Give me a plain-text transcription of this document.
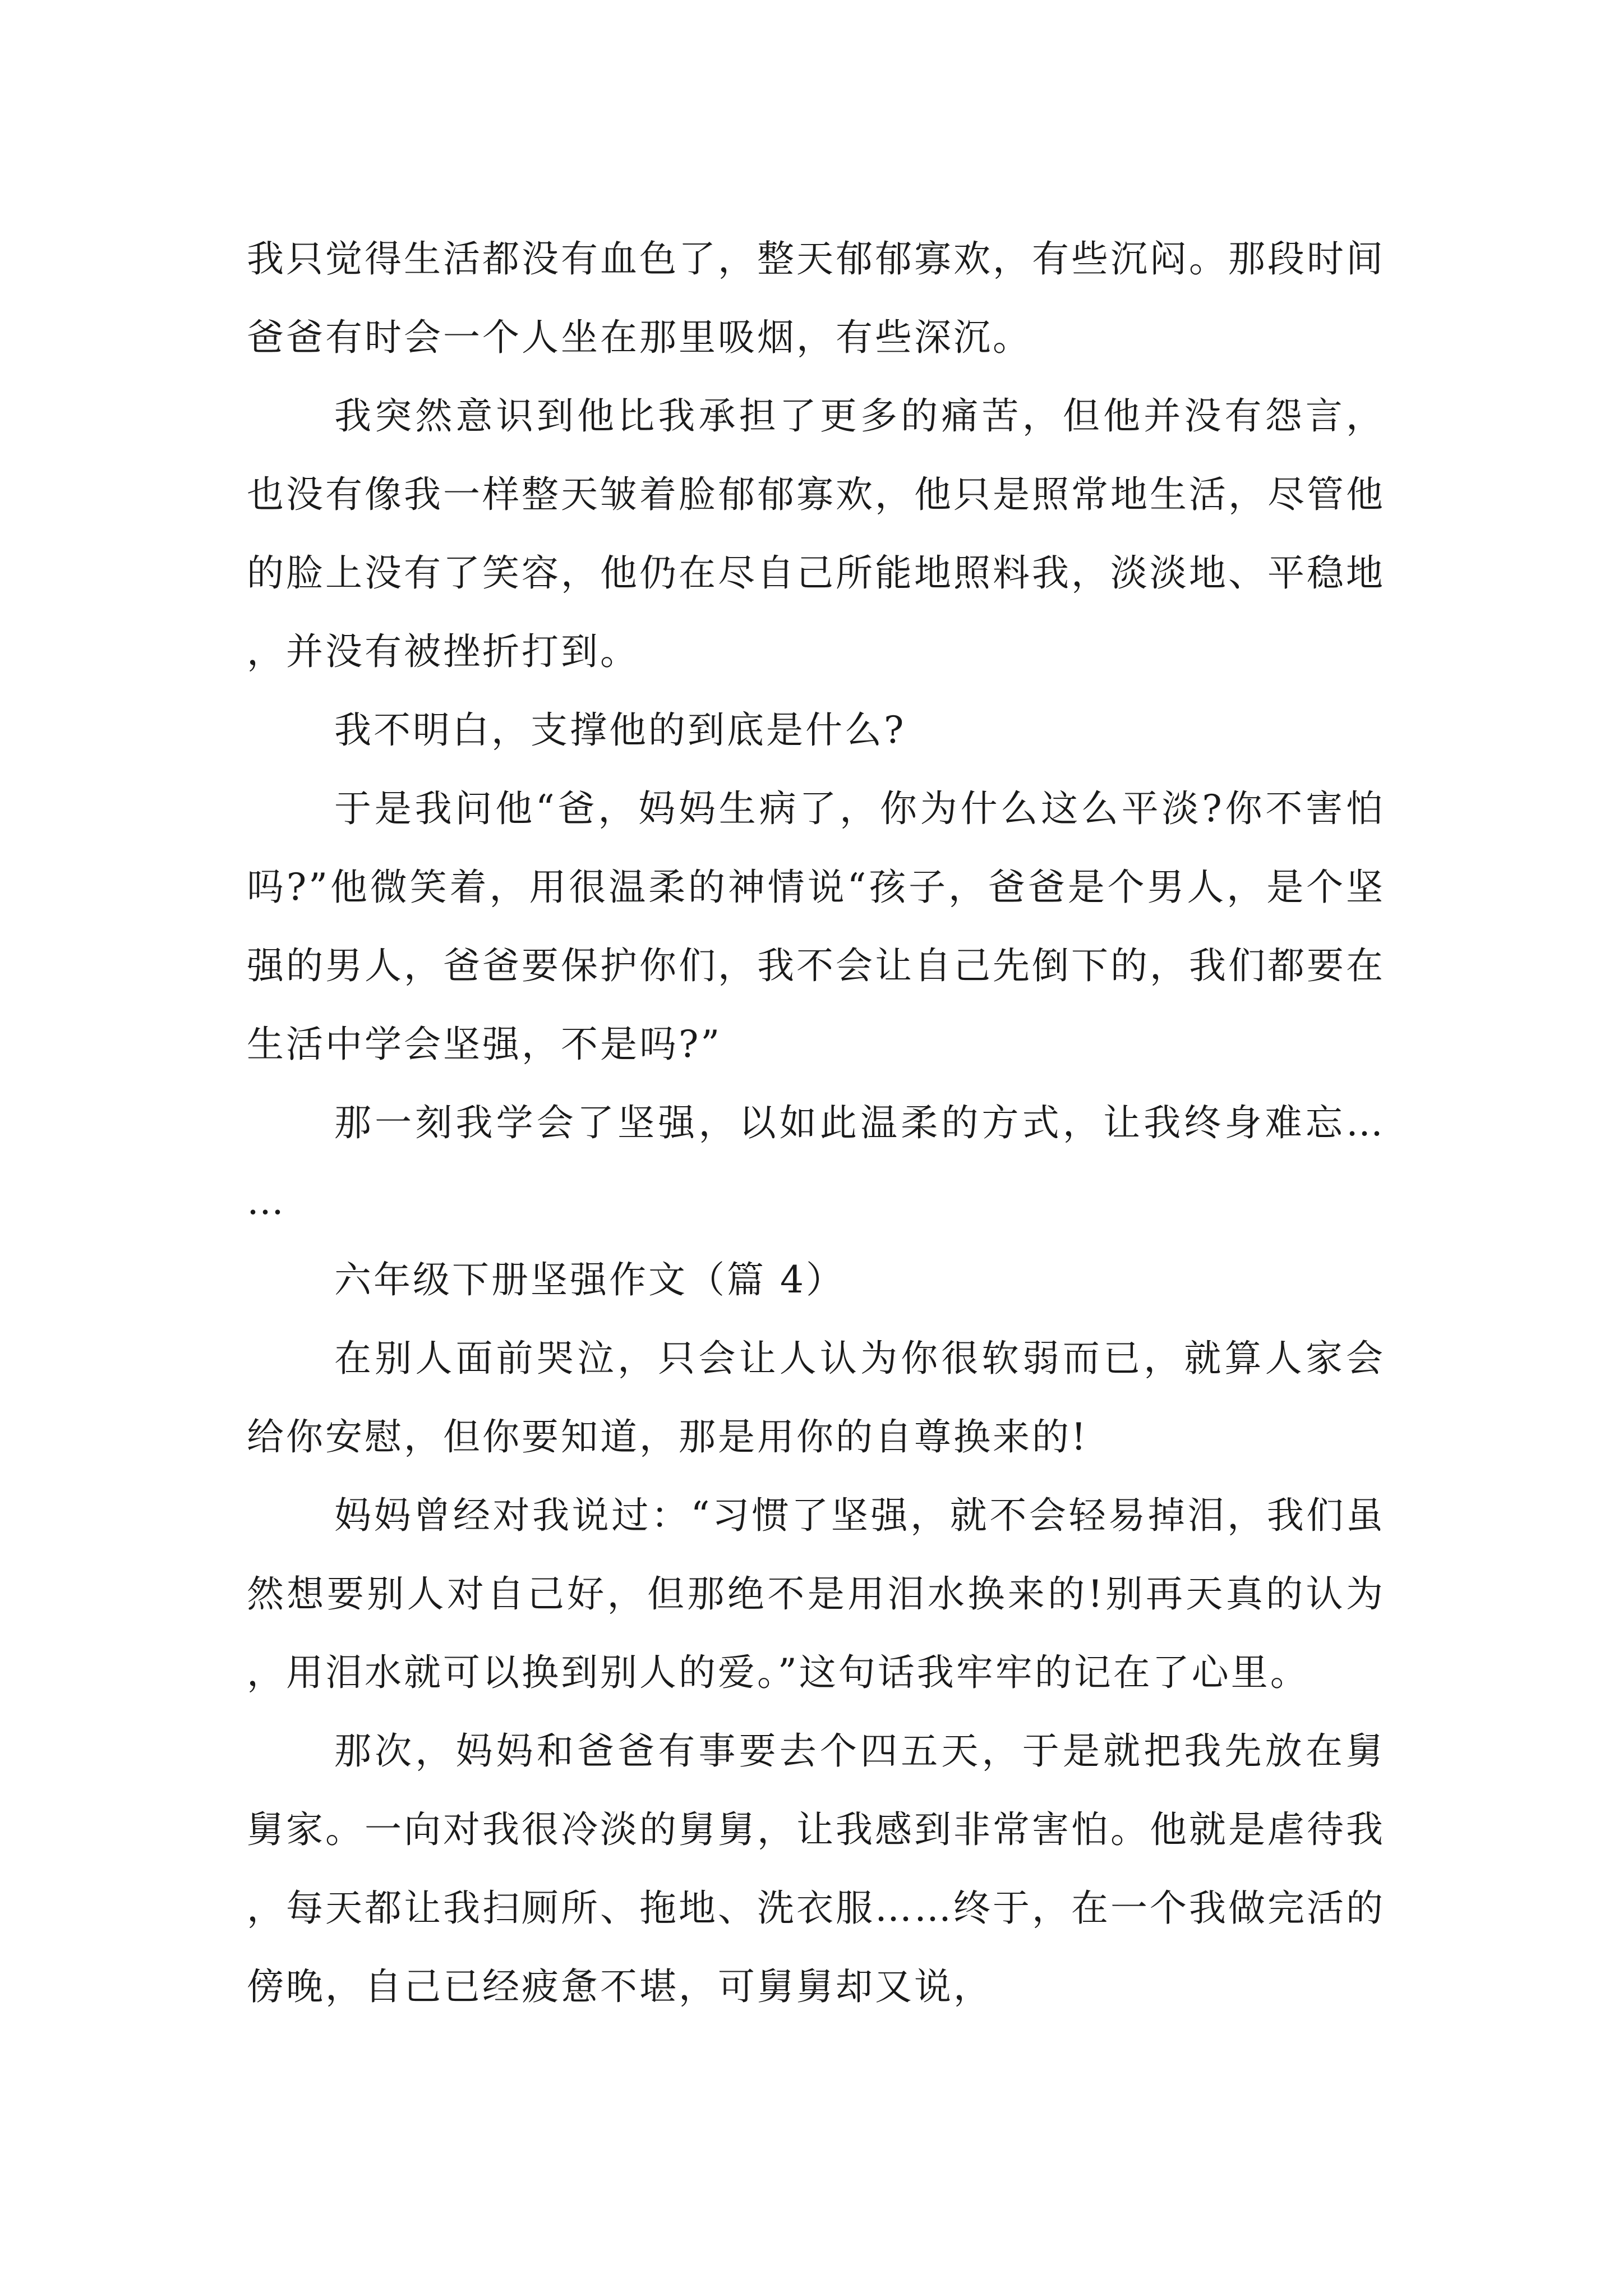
我只觉得生活都没有血色了，整天郁郁寡欢，有些沉闷。那段时间爸爸有时会一个人坐在那里吸烟，有些深沉。

我突然意识到他比我承担了更多的痛苦，但他并没有怨言，也没有像我一样整天皱着脸郁郁寡欢，他只是照常地生活，尽管他的脸上没有了笑容，他仍在尽自己所能地照料我，淡淡地、平稳地，并没有被挫折打到。

我不明白，支撑他的到底是什么?

于是我问他“爸，妈妈生病了，你为什么这么平淡?你不害怕吗?”他微笑着，用很温柔的神情说“孩子，爸爸是个男人，是个坚强的男人，爸爸要保护你们，我不会让自己先倒下的，我们都要在生活中学会坚强，不是吗?”

那一刻我学会了坚强，以如此温柔的方式，让我终身难忘……

六年级下册坚强作文（篇 4）

在别人面前哭泣，只会让人认为你很软弱而已，就算人家会给你安慰，但你要知道，那是用你的自尊换来的!

妈妈曾经对我说过：“习惯了坚强，就不会轻易掉泪，我们虽然想要别人对自己好，但那绝不是用泪水换来的!别再天真的认为，用泪水就可以换到别人的爱。”这句话我牢牢的记在了心里。

那次，妈妈和爸爸有事要去个四五天，于是就把我先放在舅舅家。一向对我很冷淡的舅舅，让我感到非常害怕。他就是虐待我，每天都让我扫厕所、拖地、洗衣服……终于，在一个我做完活的傍晚，自己已经疲惫不堪，可舅舅却又说，
